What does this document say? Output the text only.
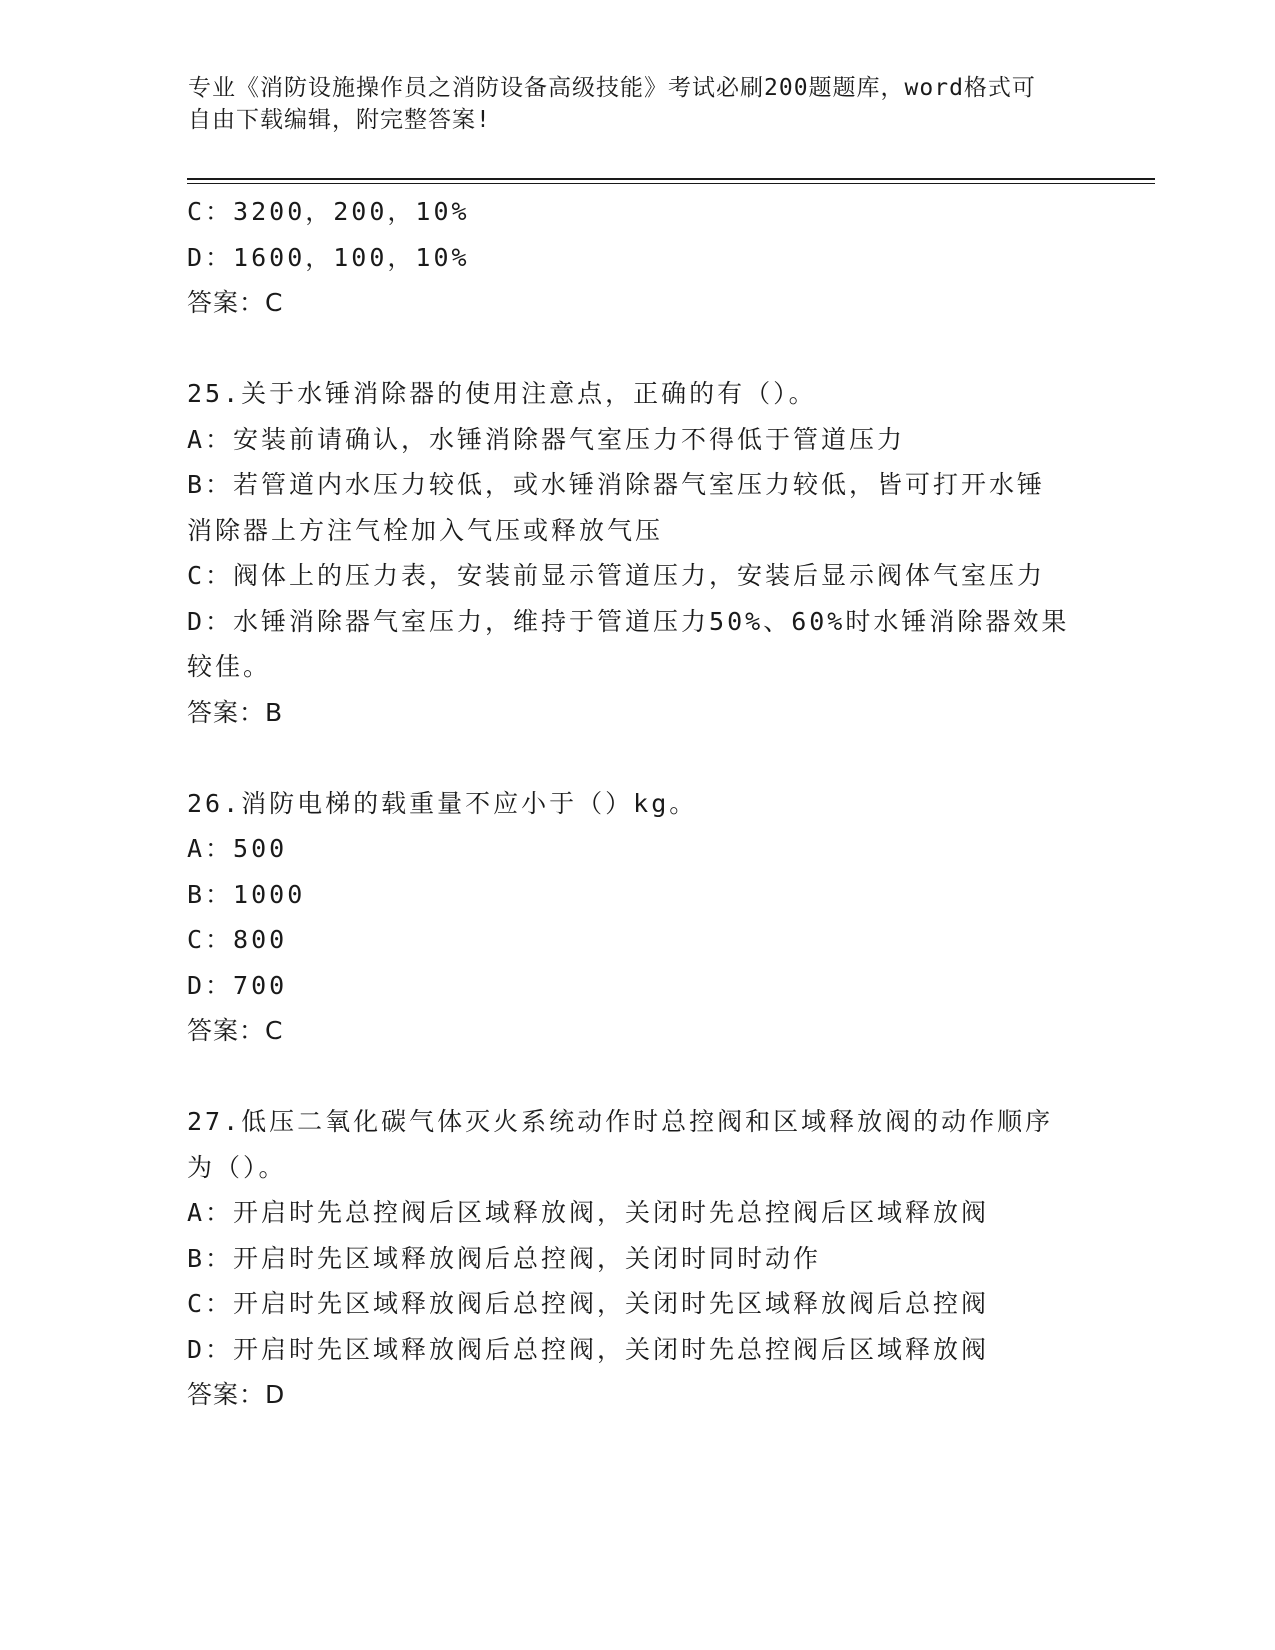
专业《消防设施操作员之消防设备高级技能》考试必刷200题题库，word格式可
自由下载编辑，附完整答案!
C：3200，200，10%
D：1600，100，10%
答案：C
25.关于水锤消除器的使用注意点，正确的有（）。
A：安装前请确认，水锤消除器气室压力不得低于管道压力
B：若管道内水压力较低，或水锤消除器气室压力较低，皆可打开水锤
消除器上方注气栓加入气压或释放气压
C：阀体上的压力表，安装前显示管道压力，安装后显示阀体气室压力
D：水锤消除器气室压力，维持于管道压力50%、60%时水锤消除器效果
较佳。
答案：B
26.消防电梯的载重量不应小于（）kg。
A：500
B：1000
C：800
D：700
答案：C
27.低压二氧化碳气体灭火系统动作时总控阀和区域释放阀的动作顺序
为（）。
A：开启时先总控阀后区域释放阀，关闭时先总控阀后区域释放阀
B：开启时先区域释放阀后总控阀，关闭时同时动作
C：开启时先区域释放阀后总控阀，关闭时先区域释放阀后总控阀
D：开启时先区域释放阀后总控阀，关闭时先总控阀后区域释放阀
答案：D
